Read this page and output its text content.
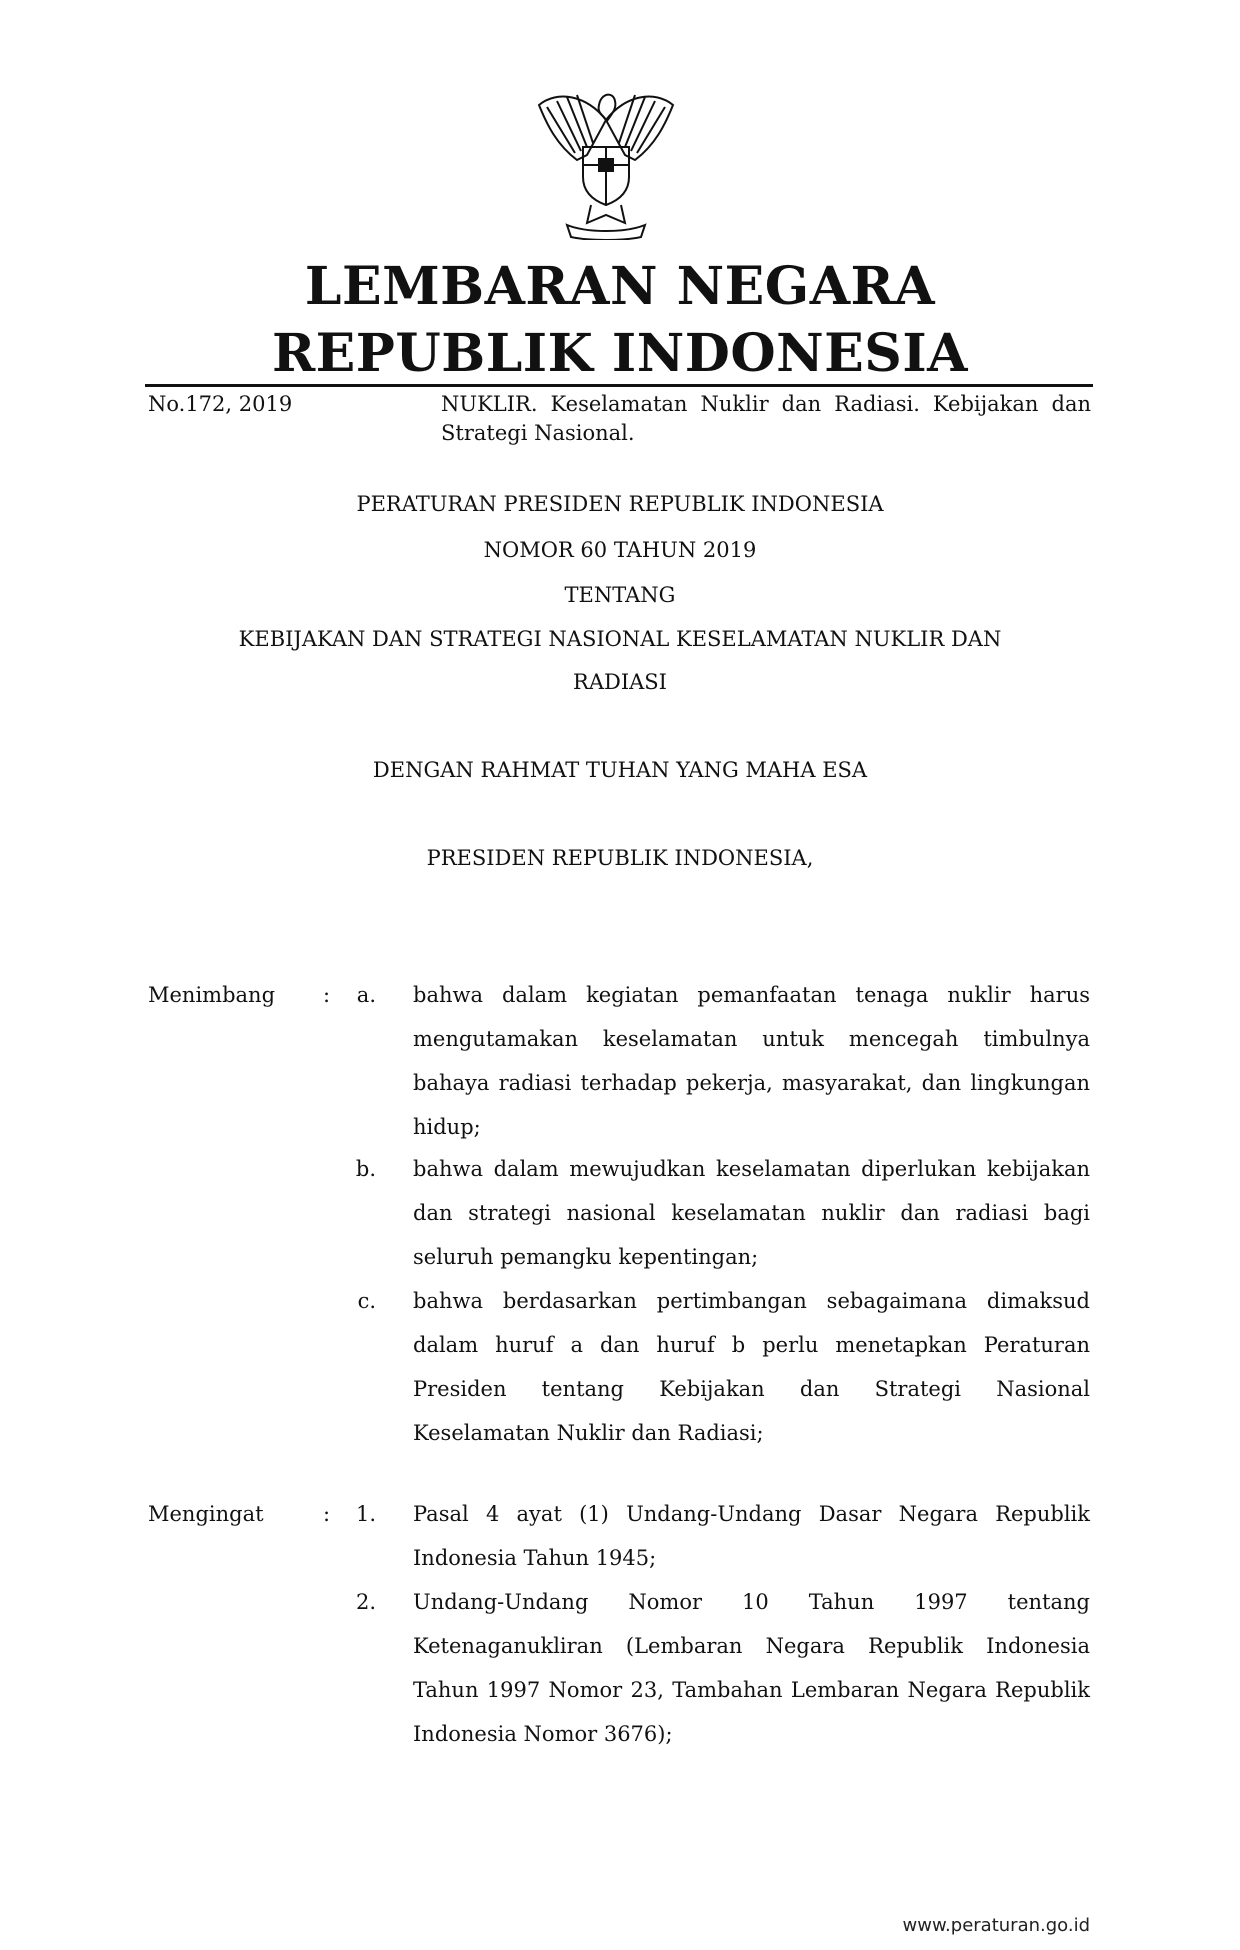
LEMBARAN NEGARA
REPUBLIK INDONESIA
No.172, 2019	NUKLIR. Keselamatan Nuklir dan Radiasi. Kebijakan dan Strategi Nasional.
PERATURAN PRESIDEN REPUBLIK INDONESIA
NOMOR 60 TAHUN 2019
TENTANG
KEBIJAKAN DAN STRATEGI NASIONAL KESELAMATAN NUKLIR DAN
RADIASI
DENGAN RAHMAT TUHAN YANG MAHA ESA
PRESIDEN REPUBLIK INDONESIA,
Menimbang :	a. bahwa dalam kegiatan pemanfaatan tenaga nuklir harus mengutamakan keselamatan untuk mencegah timbulnya bahaya radiasi terhadap pekerja, masyarakat, dan lingkungan hidup;
b. bahwa dalam mewujudkan keselamatan diperlukan kebijakan dan strategi nasional keselamatan nuklir dan radiasi bagi seluruh pemangku kepentingan;
c. bahwa berdasarkan pertimbangan sebagaimana dimaksud dalam huruf a dan huruf b perlu menetapkan Peraturan Presiden tentang Kebijakan dan Strategi Nasional Keselamatan Nuklir dan Radiasi;
Mengingat	:	1. Pasal 4 ayat (1) Undang-Undang Dasar Negara Republik Indonesia Tahun 1945;
2. Undang-Undang Nomor 10 Tahun 1997 tentang Ketenaganukliran (Lembaran Negara Republik Indonesia Tahun 1997 Nomor 23, Tambahan Lembaran Negara Republik Indonesia Nomor 3676);
www.peraturan.go.id
